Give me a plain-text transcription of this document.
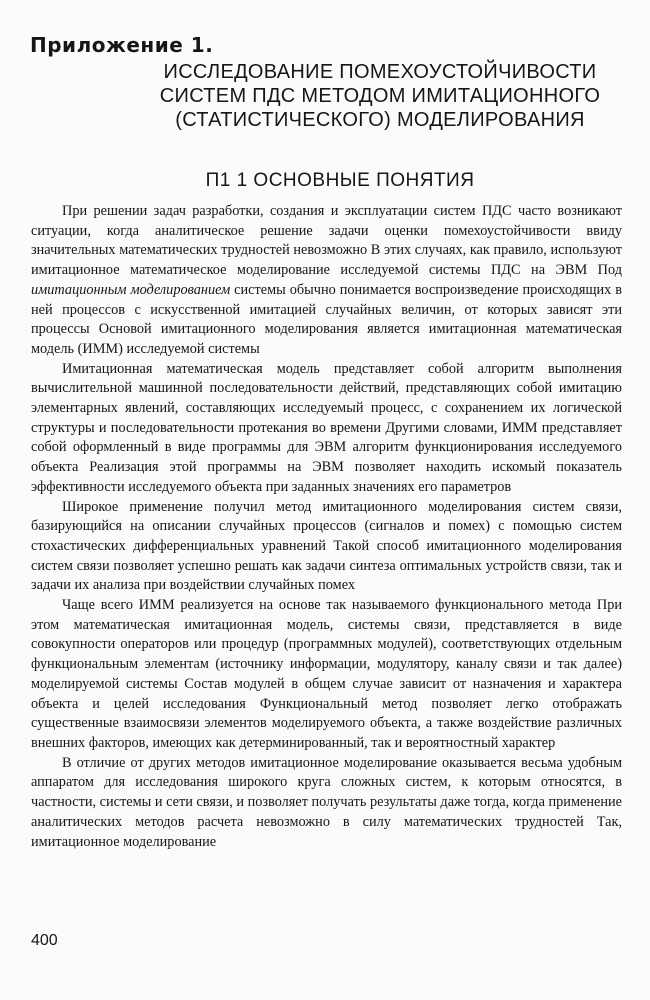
Приложение 1.
ИССЛЕДОВАНИЕ ПОМЕХОУСТОЙЧИВОСТИ
СИСТЕМ ПДС МЕТОДОМ ИМИТАЦИОННОГО
(СТАТИСТИЧЕСКОГО) МОДЕЛИРОВАНИЯ
П1 1 ОСНОВНЫЕ ПОНЯТИЯ

При решении задач разработки, создания и эксплуатации систем ПДС часто возникают ситуации, когда аналитическое решение задачи оценки помехоустойчивости ввиду значительных математических трудностей невозможно В этих случаях, как правило, используют имитационное математическое моделирование исследуемой системы ПДС на ЭВМ Под имитационным моделированием системы обычно понимается воспроизведение происходящих в ней процессов с искусственной имитацией случайных величин, от которых зависят эти процессы Основой имитационного моделирования является имитационная математическая модель (ИММ) исследуемой системы

Имитационная математическая модель представляет собой алгоритм выполнения вычислительной машинной последовательности действий, представляющих собой имитацию элементарных явлений, составляющих исследуемый процесс, с сохранением их логической структуры и последовательности протекания во времени Другими словами, ИММ представляет собой оформленный в виде программы для ЭВМ алгоритм функционирования исследуемого объекта Реализация этой программы на ЭВМ позволяет находить искомый показатель эффективности исследуемого объекта при заданных значениях его параметров

Широкое применение получил метод имитационного моделирования систем связи, базирующийся на описании случайных процессов (сигналов и помех) с помощью систем стохастических дифференциальных уравнений Такой способ имитационного моделирования систем связи позволяет успешно решать как задачи синтеза оптимальных устройств связи, так и задачи их анализа при воздействии случайных помех

Чаще всего ИММ реализуется на основе так называемого функционального метода При этом математическая имитационная модель, системы связи, представляется в виде совокупности операторов или процедур (программных модулей), соответствующих отдельным функциональным элементам (источнику информации, модулятору, каналу связи и так далее) моделируемой системы Состав модулей в общем случае зависит от назначения и характера объекта и целей исследования Функциональный метод позволяет легко отображать существенные взаимосвязи элементов моделируемого объекта, а также воздействие различных внешних факторов, имеющих как детерминированный, так и вероятностный характер

В отличие от других методов имитационное моделирование оказывается весьма удобным аппаратом для исследования широкого круга сложных систем, к которым относятся, в частности, системы и сети связи, и позволяет получать результаты даже тогда, когда применение аналитических методов расчета невозможно в силу математических трудностей Так, имитационное моделирование

400
